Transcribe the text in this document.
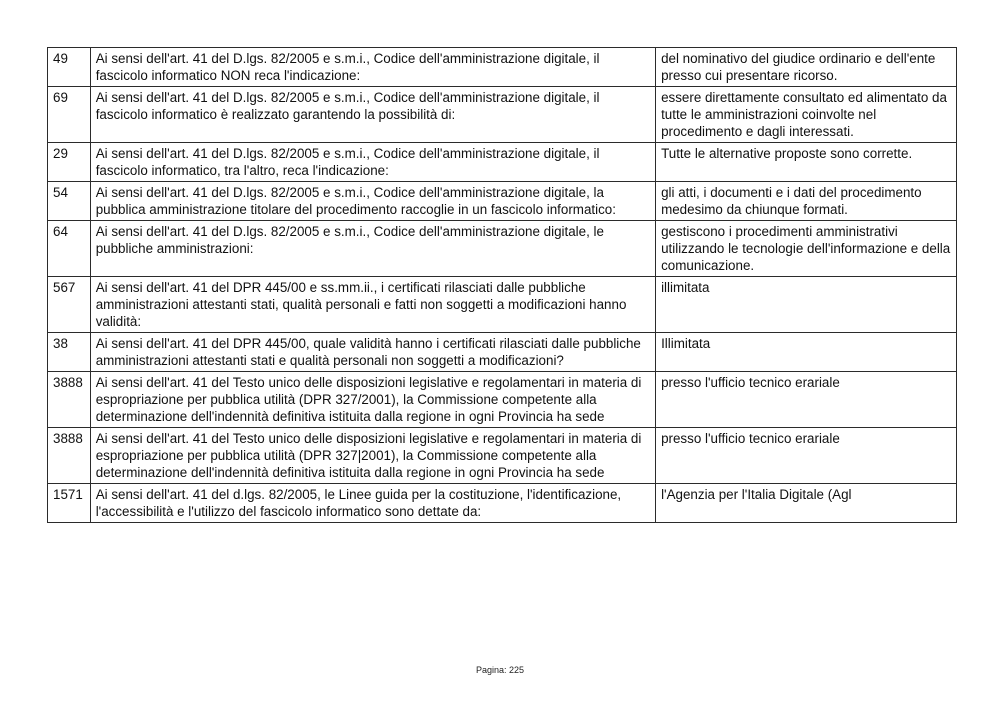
49	Ai sensi dell'art. 41 del D.lgs. 82/2005 e s.m.i., Codice dell'amministrazione digitale, il fascicolo informatico NON reca l'indicazione:	del nominativo del giudice ordinario e dell'ente presso cui presentare ricorso.
69	Ai sensi dell'art. 41 del D.lgs. 82/2005 e s.m.i., Codice dell'amministrazione digitale, il fascicolo informatico è realizzato garantendo la possibilità di:	essere direttamente consultato ed alimentato da tutte le amministrazioni coinvolte nel procedimento e dagli interessati.
29	Ai sensi dell'art. 41 del D.lgs. 82/2005 e s.m.i., Codice dell'amministrazione digitale, il fascicolo informatico, tra l'altro, reca l'indicazione:	Tutte le alternative proposte sono corrette.
54	Ai sensi dell'art. 41 del D.lgs. 82/2005 e s.m.i., Codice dell'amministrazione digitale, la pubblica amministrazione titolare del procedimento raccoglie in un fascicolo informatico:	gli atti, i documenti e i dati del procedimento medesimo da chiunque formati.
64	Ai sensi dell'art. 41 del D.lgs. 82/2005 e s.m.i., Codice dell'amministrazione digitale, le pubbliche amministrazioni:	gestiscono i procedimenti amministrativi utilizzando le tecnologie dell'informazione e della comunicazione.
567	Ai sensi dell'art. 41 del DPR 445/00 e ss.mm.ii., i certificati rilasciati dalle pubbliche amministrazioni attestanti stati, qualità personali e fatti non soggetti a modificazioni hanno validità:	illimitata
38	Ai sensi dell'art. 41 del DPR 445/00, quale validità hanno i certificati rilasciati dalle pubbliche amministrazioni attestanti stati e qualità personali non soggetti a modificazioni?	Illimitata
3888	Ai sensi dell'art. 41 del Testo unico delle disposizioni legislative e regolamentari in materia di espropriazione per pubblica utilità (DPR 327/2001), la Commissione competente alla determinazione dell'indennità definitiva istituita dalla regione in ogni Provincia ha sede	presso l'ufficio tecnico erariale
3888	Ai sensi dell'art. 41 del Testo unico delle disposizioni legislative e regolamentari in materia di espropriazione per pubblica utilità (DPR 327|2001), la Commissione competente alla determinazione dell'indennità definitiva istituita dalla regione in ogni Provincia ha sede	presso l'ufficio tecnico erariale
1571	Ai sensi dell'art. 41 del d.lgs. 82/2005, le Linee guida per la costituzione, l'identificazione, l'accessibilità e l'utilizzo del fascicolo informatico sono dettate da:	l'Agenzia per l'Italia Digitale (Agl
Pagina: 225
